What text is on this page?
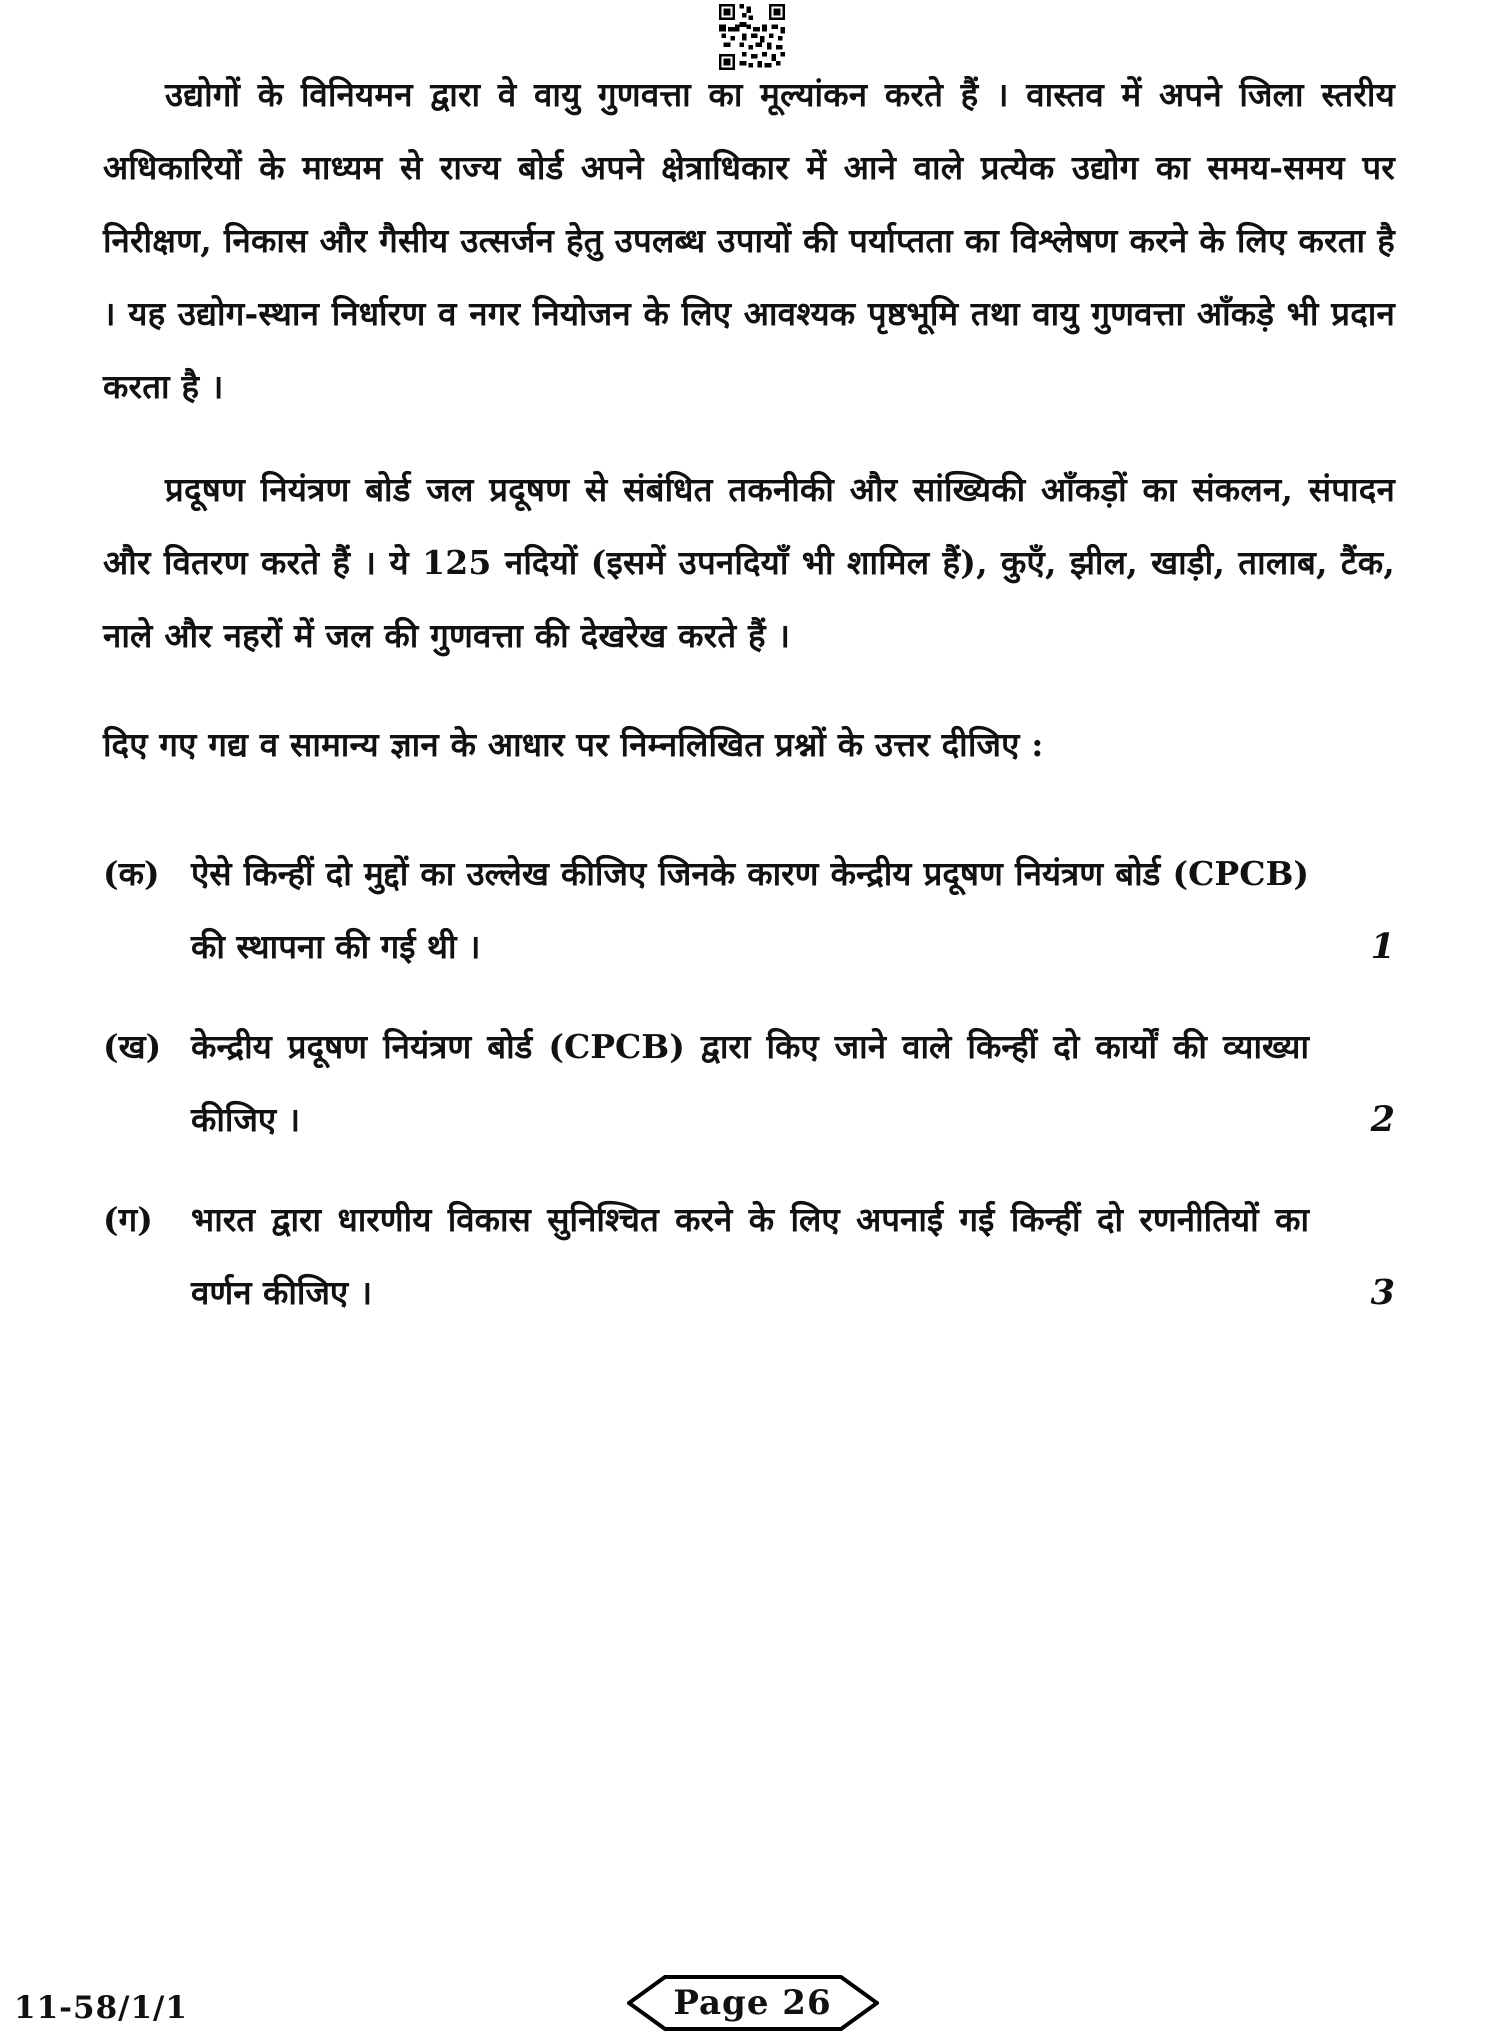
उद्योगों के विनियमन द्वारा वे वायु गुणवत्ता का मूल्यांकन करते हैं । वास्तव में अपने जिला स्तरीय अधिकारियों के माध्यम से राज्य बोर्ड अपने क्षेत्राधिकार में आने वाले प्रत्येक उद्योग का समय-समय पर निरीक्षण, निकास और गैसीय उत्सर्जन हेतु उपलब्ध उपायों की पर्याप्तता का विश्लेषण करने के लिए करता है । यह उद्योग-स्थान निर्धारण व नगर नियोजन के लिए आवश्यक पृष्ठभूमि तथा वायु गुणवत्ता आँकड़े भी प्रदान करता है ।

प्रदूषण नियंत्रण बोर्ड जल प्रदूषण से संबंधित तकनीकी और सांख्यिकी आँकड़ों का संकलन, संपादन और वितरण करते हैं । ये 125 नदियों (इसमें उपनदियाँ भी शामिल हैं), कुएँ, झील, खाड़ी, तालाब, टैंक, नाले और नहरों में जल की गुणवत्ता की देखरेख करते हैं ।

दिए गए गद्य व सामान्य ज्ञान के आधार पर निम्नलिखित प्रश्नों के उत्तर दीजिए :

(क) ऐसे किन्हीं दो मुद्दों का उल्लेख कीजिए जिनके कारण केन्द्रीय प्रदूषण नियंत्रण बोर्ड (CPCB) की स्थापना की गई थी ।	1
(ख) केन्द्रीय प्रदूषण नियंत्रण बोर्ड (CPCB) द्वारा किए जाने वाले किन्हीं दो कार्यों की व्याख्या कीजिए ।	2
(ग)	भारत द्वारा धारणीय विकास सुनिश्चित करने के लिए अपनाई गई किन्हीं दो रणनीतियों का वर्णन कीजिए ।	3
11-58/1/1	Page 26
